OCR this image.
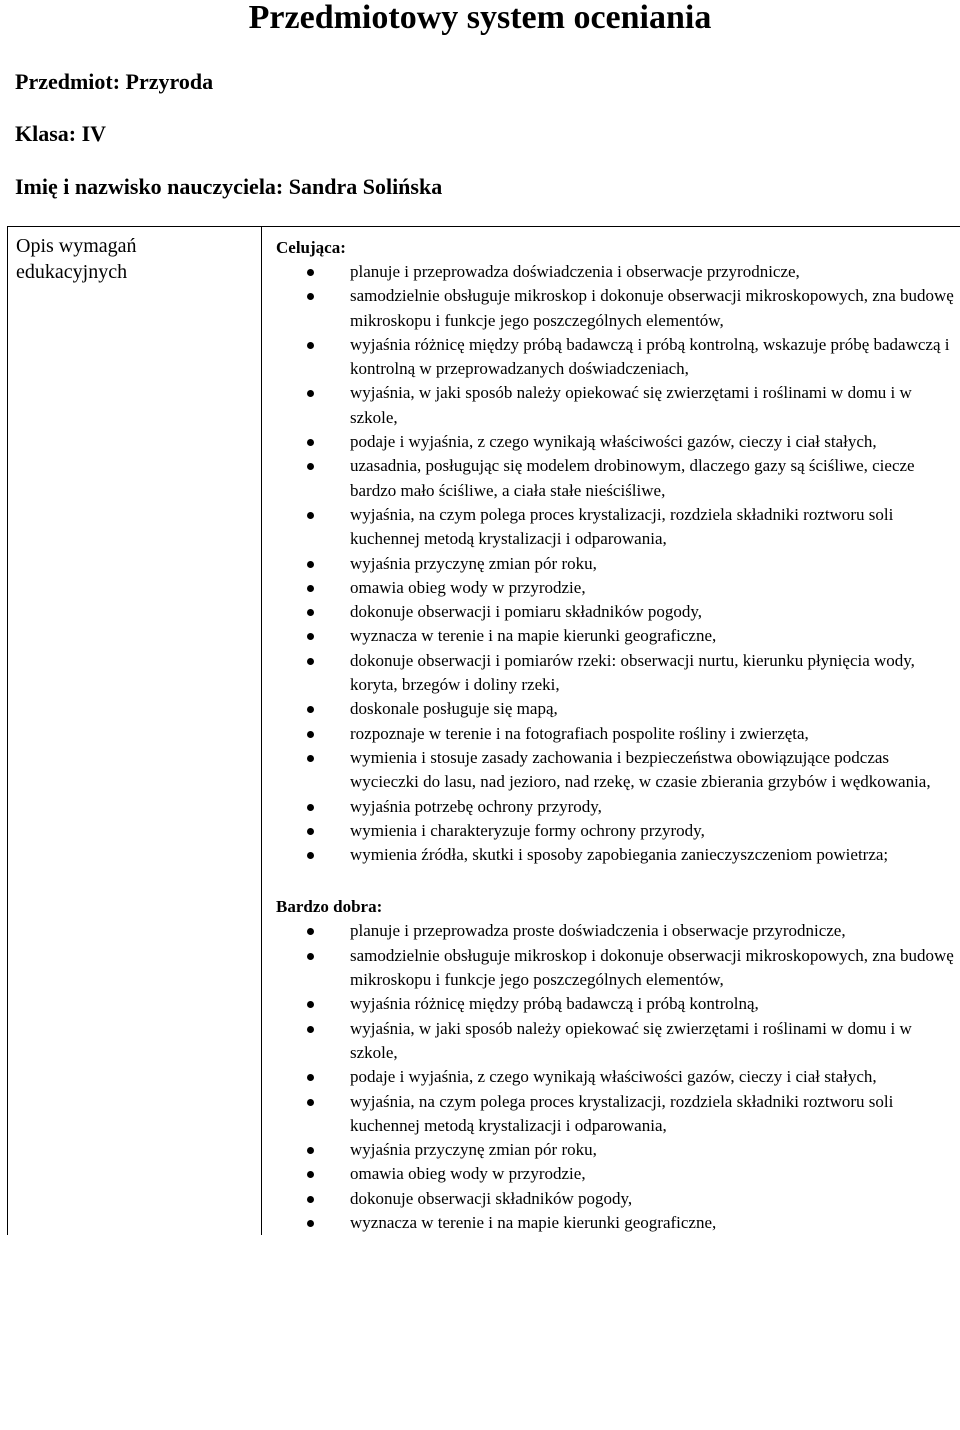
Przedmiotowy system oceniania
Przedmiot: Przyroda
Klasa: IV
Imię i nazwisko nauczyciela: Sandra Solińska
Opis wymagań edukacyjnych

Celująca:
planuje i przeprowadza doświadczenia i obserwacje przyrodnicze,
samodzielnie obsługuje mikroskop i dokonuje obserwacji mikroskopowych, zna budowę mikroskopu i funkcje jego poszczególnych elementów,
wyjaśnia różnicę między próbą badawczą i próbą kontrolną, wskazuje próbę badawczą i kontrolną w przeprowadzanych doświadczeniach,
wyjaśnia, w jaki sposób należy opiekować się zwierzętami i roślinami w domu i w szkole,
podaje i wyjaśnia, z czego wynikają właściwości gazów, cieczy i ciał stałych,
uzasadnia, posługując się modelem drobinowym, dlaczego gazy są ściśliwe, ciecze bardzo mało ściśliwe, a ciała stałe nieściśliwe,
wyjaśnia, na czym polega proces krystalizacji, rozdziela składniki roztworu soli kuchennej metodą krystalizacji i odparowania,
wyjaśnia przyczynę zmian pór roku,
omawia obieg wody w przyrodzie,
dokonuje obserwacji i pomiaru składników pogody,
wyznacza w terenie i na mapie kierunki geograficzne,
dokonuje obserwacji i pomiarów rzeki: obserwacji nurtu, kierunku płynięcia wody, koryta, brzegów i doliny rzeki,
doskonale posługuje się mapą,
rozpoznaje w terenie i na fotografiach pospolite rośliny i zwierzęta,
wymienia i stosuje zasady zachowania i bezpieczeństwa obowiązujące podczas wycieczki do lasu, nad jezioro, nad rzekę, w czasie zbierania grzybów i wędkowania,
wyjaśnia potrzebę ochrony przyrody,
wymienia i charakteryzuje formy ochrony przyrody,
wymienia źródła, skutki i sposoby zapobiegania zanieczyszczeniom powietrza;
Bardzo dobra:
planuje i przeprowadza proste doświadczenia i obserwacje przyrodnicze,
samodzielnie obsługuje mikroskop i dokonuje obserwacji mikroskopowych, zna budowę mikroskopu i funkcje jego poszczególnych elementów,
wyjaśnia różnicę między próbą badawczą i próbą kontrolną,
wyjaśnia, w jaki sposób należy opiekować się zwierzętami i roślinami w domu i w szkole,
podaje i wyjaśnia, z czego wynikają właściwości gazów, cieczy i ciał stałych,
wyjaśnia, na czym polega proces krystalizacji, rozdziela składniki roztworu soli kuchennej metodą krystalizacji i odparowania,
wyjaśnia przyczynę zmian pór roku,
omawia obieg wody w przyrodzie,
dokonuje obserwacji składników pogody,
wyznacza w terenie i na mapie kierunki geograficzne,
